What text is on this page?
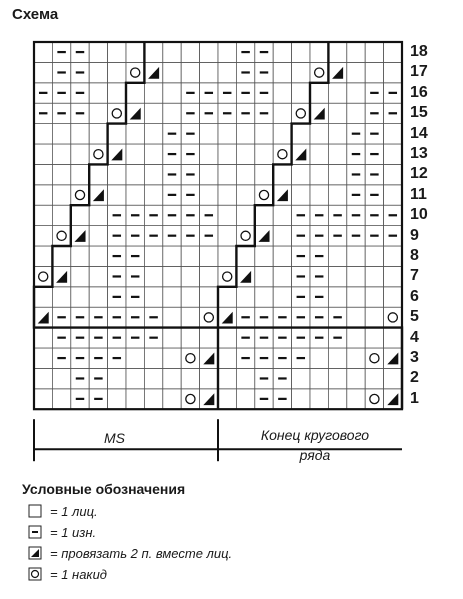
Схема
1
2
3
4
5
6
7
8
9
10
11
12
13
14
15
16
17
18
MS	Конец кругового
ряда
Условные обозначения
= 1 лиц.
= 1 изн.
= провязать 2 п. вместе лиц.
= 1 накид
